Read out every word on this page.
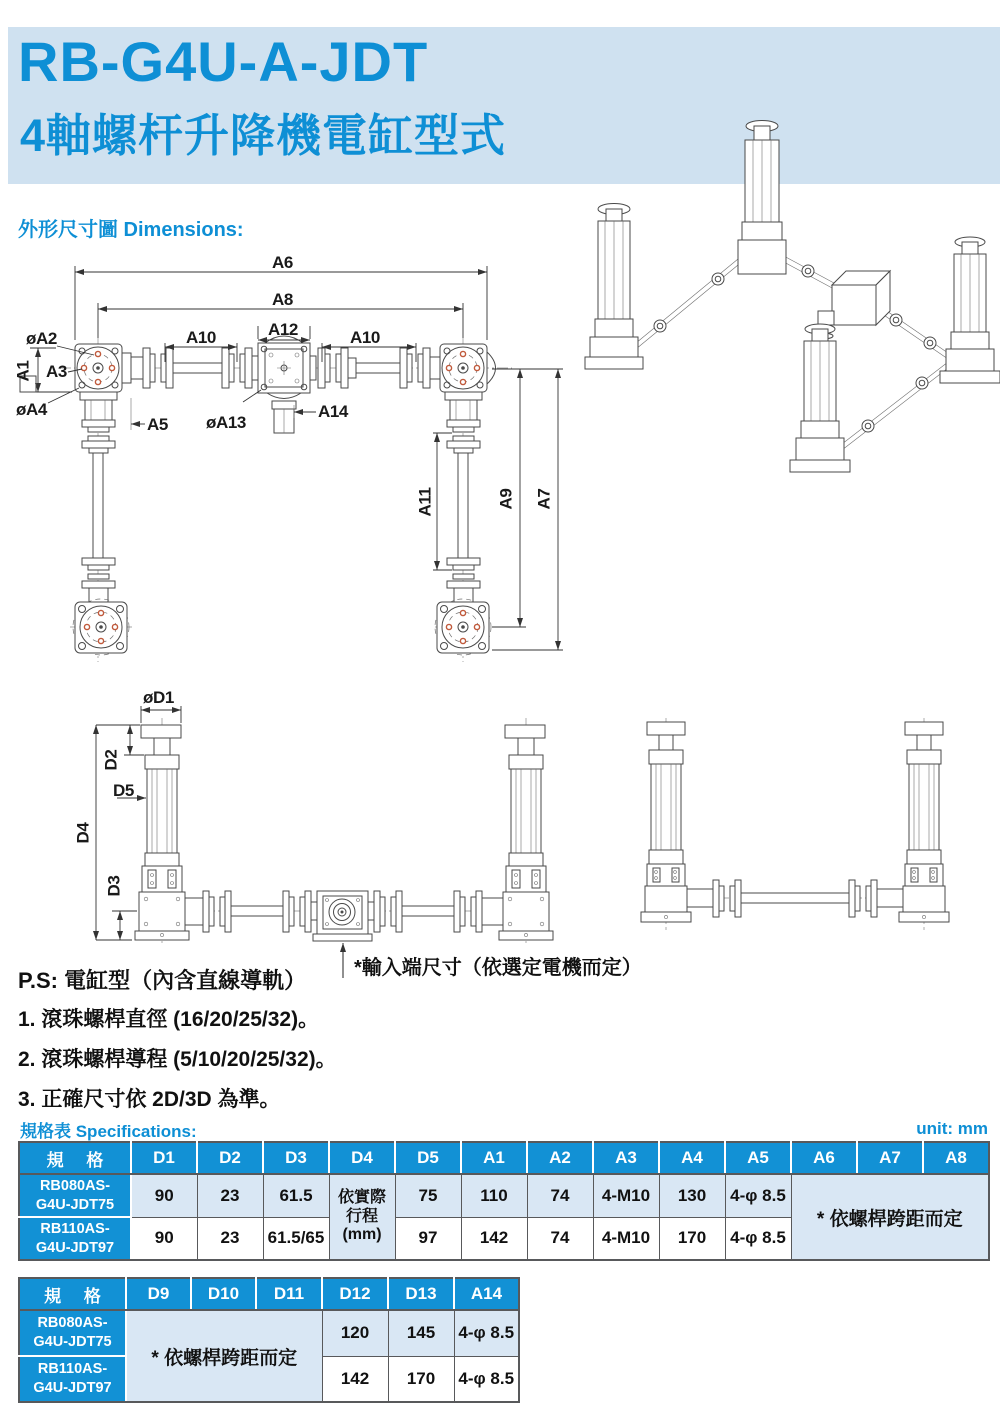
RB-G4U-A-JDT
4軸螺杆升降機電缸型式
外形尺寸圖 Dimensions:
A6
A8
A10	A12	A10
øA2
A1 A3
øA4
A5 øA13
A14
A11	A9 A7
øD1
D2
D5
D4
D3
*輸入端尺寸（依選定電機而定）
P.S: 電缸型（內含直線導軌）
1. 滾珠螺桿直徑 (16/20/25/32)。
2. 滾珠螺桿導程 (5/10/20/25/32)。
3. 正確尺寸依 2D/3D 為準。
規格表 Specifications:	unit: mm
規 格	D1	D2	D3	D4	D5	A1	A2	A3	A4	A5	A6	A7	A8

RB080AS-
G4U-JDT75	90	23	61.5	依實際
行程
(mm)
	75	110	74	4-M10	130	4-φ 8.5	* 依螺桿跨距而定

RB110AS-
G4U-JDT97	90	23	61.5/65		97	142	74	4-M10	170	4-φ 8.5			
規 格	D9	D10	D11	D12	D13	A14

RB080AS-
G4U-JDT75	* 依螺桿跨距而定			120	145	4-φ 8.5

RB110AS-
G4U-JDT97				142	170	4-φ 8.5
